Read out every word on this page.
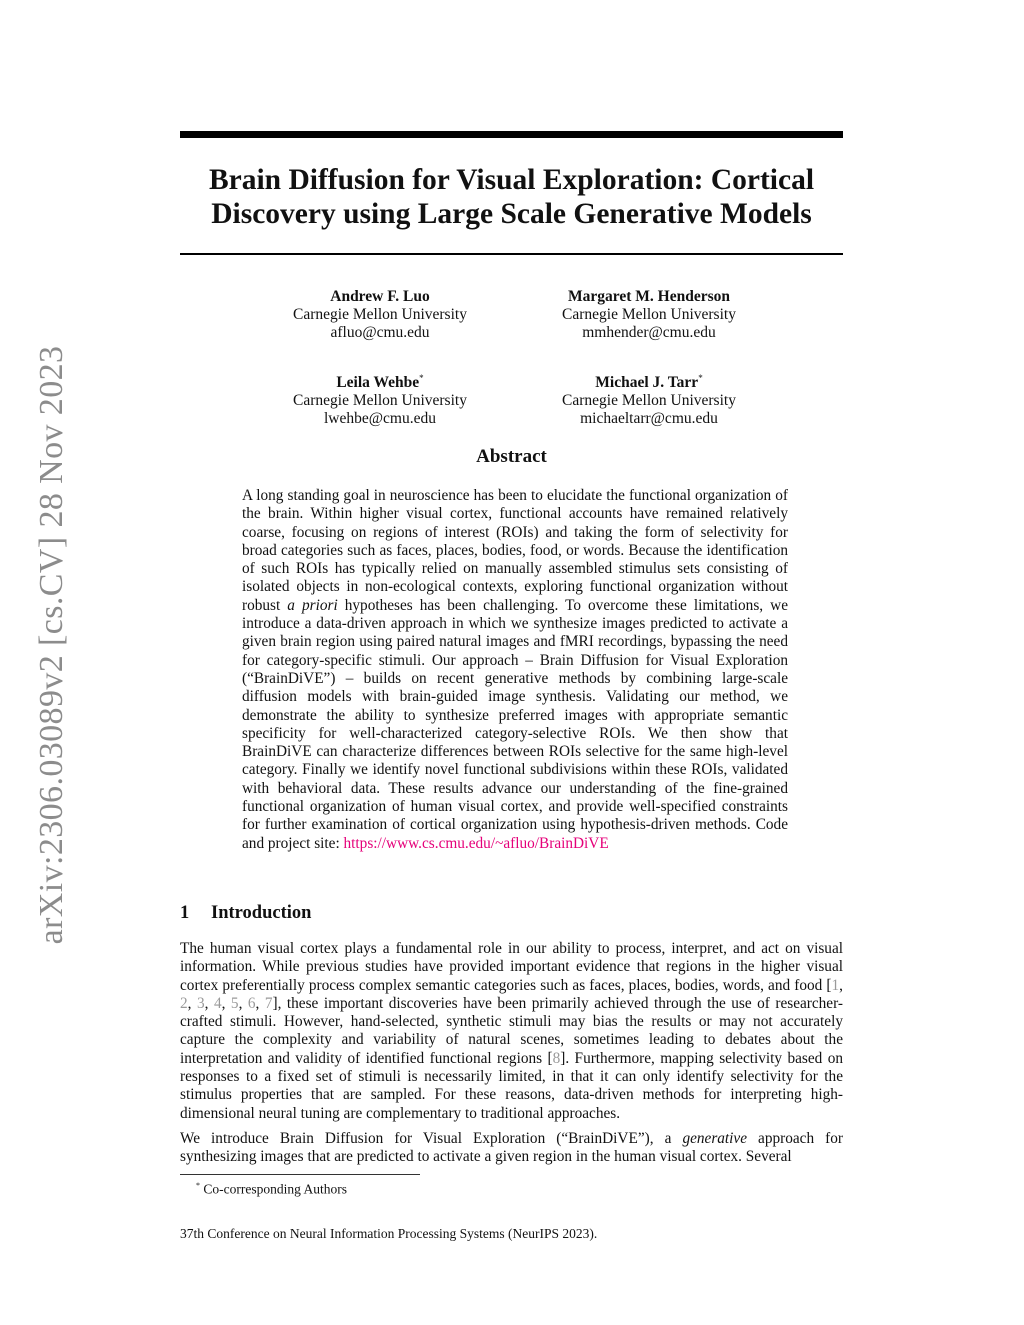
arXiv:2306.03089v2 [cs.CV] 28 Nov 2023
Brain Diffusion for Visual Exploration: Cortical
Discovery using Large Scale Generative Models
Andrew F. Luo
Carnegie Mellon University
afluo@cmu.edu
Margaret M. Henderson
Carnegie Mellon University
mmhender@cmu.edu
Leila Wehbe*
Carnegie Mellon University
lwehbe@cmu.edu
Michael J. Tarr*
Carnegie Mellon University
michaeltarr@cmu.edu
Abstract

A long standing goal in neuroscience has been to elucidate the functional organization of the brain. Within higher visual cortex, functional accounts have remained relatively coarse, focusing on regions of interest (ROIs) and taking the form of selectivity for broad categories such as faces, places, bodies, food, or words. Because the identification of such ROIs has typically relied on manually assembled stimulus sets consisting of isolated objects in non-ecological contexts, exploring functional organization without robust a priori hypotheses has been challenging. To overcome these limitations, we introduce a data-driven approach in which we synthesize images predicted to activate a given brain region using paired natural images and fMRI recordings, bypassing the need for category-specific stimuli. Our approach – Brain Diffusion for Visual Exploration (“BrainDiVE”) – builds on recent generative methods by combining large-scale diffusion models with brain-guided image synthesis. Validating our method, we demonstrate the ability to synthesize preferred images with appropriate semantic specificity for well-characterized category-selective ROIs. We then show that BrainDiVE can characterize differences between ROIs selective for the same high-level category. Finally we identify novel functional subdivisions within these ROIs, validated with behavioral data. These results advance our understanding of the fine-grained functional organization of human visual cortex, and provide well-specified constraints for further examination of cortical organization using hypothesis-driven methods. Code and project site: https://www.cs.cmu.edu/~afluo/BrainDiVE

1 Introduction

The human visual cortex plays a fundamental role in our ability to process, interpret, and act on visual information. While previous studies have provided important evidence that regions in the higher visual cortex preferentially process complex semantic categories such as faces, places, bodies, words, and food [1, 2, 3, 4, 5, 6, 7], these important discoveries have been primarily achieved through the use of researcher-crafted stimuli. However, hand-selected, synthetic stimuli may bias the results or may not accurately capture the complexity and variability of natural scenes, sometimes leading to debates about the interpretation and validity of identified functional regions [8]. Furthermore, mapping selectivity based on responses to a fixed set of stimuli is necessarily limited, in that it can only identify selectivity for the stimulus properties that are sampled. For these reasons, data-driven methods for interpreting high-dimensional neural tuning are complementary to traditional approaches.

We introduce Brain Diffusion for Visual Exploration (“BrainDiVE”), a generative approach for synthesizing images that are predicted to activate a given region in the human visual cortex. Several

* Co-corresponding Authors
37th Conference on Neural Information Processing Systems (NeurIPS 2023).
